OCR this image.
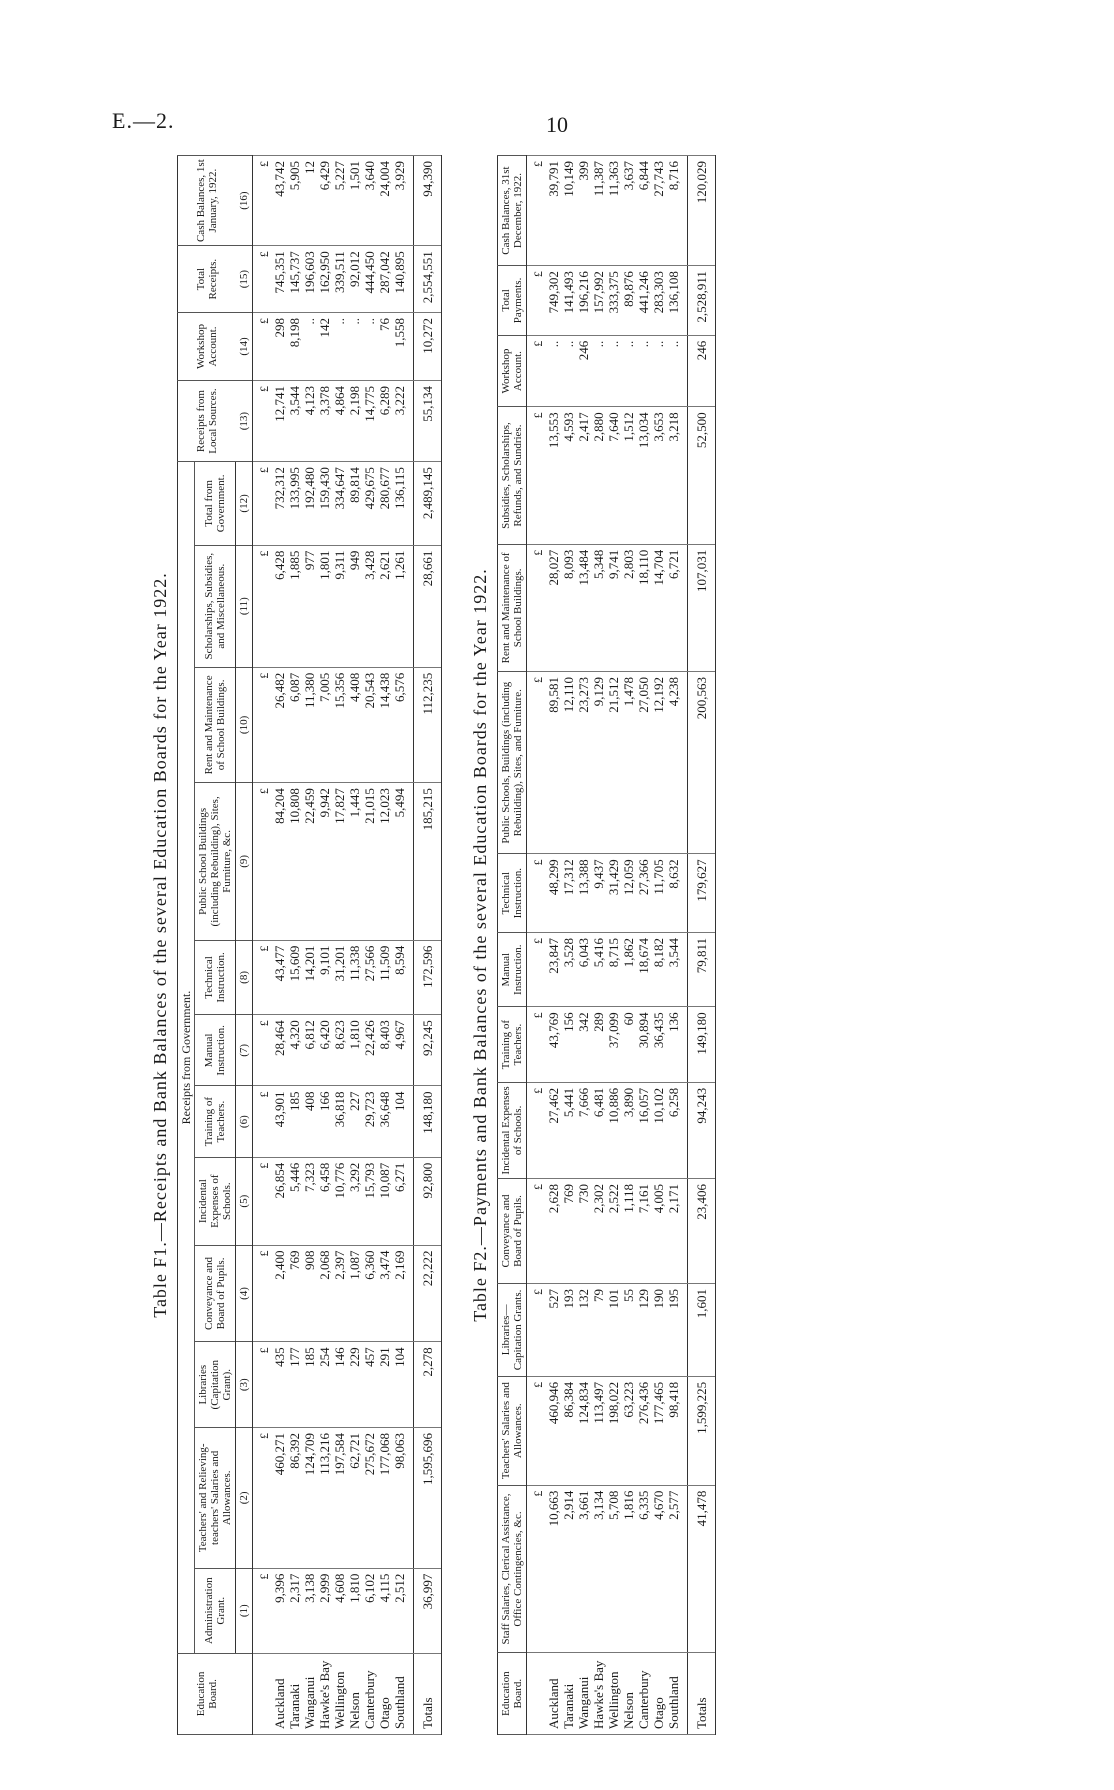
E.—2.	10
Table F1.—Receipts and Bank Balances of the several Education Boards for the Year 1922.
Education Board.	Receipts from Government.												Receipts from Local Sources.	Workshop Account.	Total Receipts.	Cash Balances, 1st January, 1922.
	Administration Grant.	Teachers' and Relieving-teachers' Salaries and Allowances.	Libraries (Capitation Grant).	Conveyance and Board of Pupils.	Incidental Expenses of Schools.	Training of Teachers.	Manual Instruction.	Technical Instruction.	Public School Buildings (including Rebuilding), Sites, Furniture, &c.	Rent and Maintenance of School Buildings.	Scholarships, Subsidies, and Miscellaneous.	Total from Government.				
	(1)	(2)	(3)	(4)	(5)	(6)	(7)	(8)	(9)	(10)	(11)	(12)	(13)	(14)	(15)	(16)
	£	£	£	£	£	£	£	£	£	£	£	£	£	£	£	£
Auckland	9,396	460,271	435	2,400	26,854	43,901	28,464	43,477	84,204	26,482	6,428	732,312	12,741	298	745,351	43,742
Taranaki	2,317	86,392	177	769	5,446	185	4,320	15,609	10,808	6,087	1,885	133,995	3,544	8,198	145,737	5,905
Wanganui	3,138	124,709	185	908	7,323	408	6,812	14,201	22,459	11,380	977	192,480	4,123	..	196,603	12
Hawke's Bay	2,999	113,216	254	2,068	6,458	166	6,420	9,101	9,942	7,005	1,801	159,430	3,378	142	162,950	6,429
Wellington	4,608	197,584	146	2,397	10,776	36,818	8,623	31,201	17,827	15,356	9,311	334,647	4,864	..	339,511	5,227
Nelson	1,810	62,721	229	1,087	3,292	227	1,810	11,338	1,443	4,408	949	89,814	2,198	..	92,012	1,501
Canterbury	6,102	275,672	457	6,360	15,793	29,723	22,426	27,566	21,015	20,543	3,428	429,675	14,775	..	444,450	3,640
Otago	4,115	177,068	291	3,474	10,087	36,648	8,403	11,509	12,023	14,438	2,621	280,677	6,289	76	287,042	24,004
Southland	2,512	98,063	104	2,169	6,271	104	4,967	8,594	5,494	6,576	1,261	136,115	3,222	1,558	140,895	3,929
Totals	36,997	1,595,696	2,278	22,222	92,800	148,180	92,245	172,596	185,215	112,235	28,661	2,489,145	55,134	10,272	2,554,551	94,390
Table F2.—Payments and Bank Balances of the several Education Boards for the Year 1922.
Education Board.	Staff Salaries, Clerical Assistance, Office Contingencies, &c.	Teachers' Salaries and Allowances.	Libraries—Capitation Grants.	Conveyance and Board of Pupils.	Incidental Expenses of Schools.	Training of Teachers.	Manual Instruction.	Technical Instruction.	Public Schools, Buildings (including Rebuilding), Sites, and Furniture.	Rent and Maintenance of School Buildings.	Subsidies, Scholarships, Refunds, and Sundries.	Workshop Account.	Total Payments.	Cash Balances, 31st December, 1922.
	£	£	£	£	£	£	£	£	£	£	£	£	£	£
Auckland	10,663	460,946	527	2,628	27,462	43,769	23,847	48,299	89,581	28,027	13,553	..	749,302	39,791
Taranaki	2,914	86,384	193	769	5,441	156	3,528	17,312	12,110	8,093	4,593	..	141,493	10,149
Wanganui	3,661	124,834	132	730	7,666	342	6,043	13,388	23,273	13,484	2,417	246	196,216	399
Hawke's Bay	3,134	113,497	79	2,302	6,481	289	5,416	9,437	9,129	5,348	2,880	..	157,992	11,387
Wellington	5,708	198,022	101	2,522	10,886	37,099	8,715	31,429	21,512	9,741	7,640	..	333,375	11,363
Nelson	1,816	63,223	55	1,118	3,890	60	1,862	12,059	1,478	2,803	1,512	..	89,876	3,637
Canterbury	6,335	276,436	129	7,161	16,057	30,894	18,674	27,366	27,050	18,110	13,034	..	441,246	6,844
Otago	4,670	177,465	190	4,005	10,102	36,435	8,182	11,705	12,192	14,704	3,653	..	283,303	27,743
Southland	2,577	98,418	195	2,171	6,258	136	3,544	8,632	4,238	6,721	3,218	..	136,108	8,716
Totals	41,478	1,599,225	1,601	23,406	94,243	149,180	79,811	179,627	200,563	107,031	52,500	246	2,528,911	120,029
